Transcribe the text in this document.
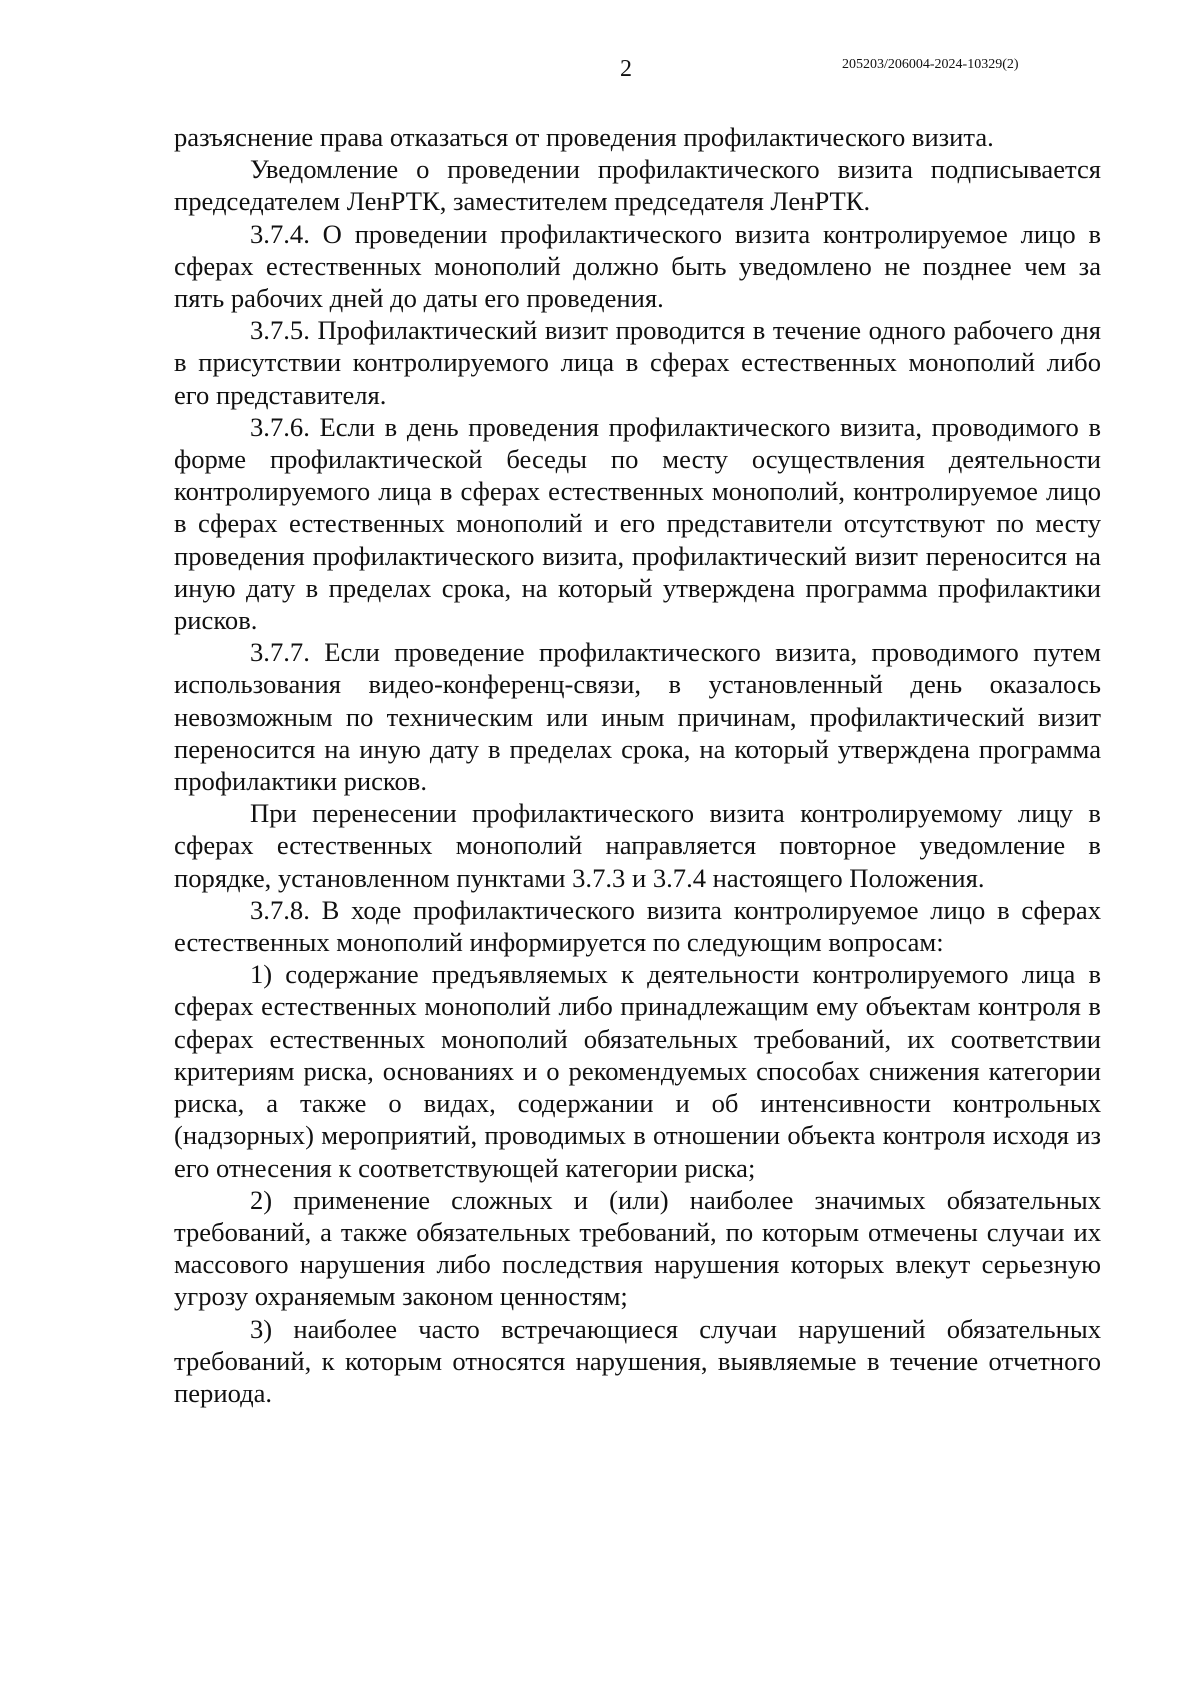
2	205203/206004-2024-10329(2)

разъяснение права отказаться от проведения профилактического визита.

Уведомление о проведении профилактического визита подписывается председателем ЛенРТК, заместителем председателя ЛенРТК.

3.7.4. О проведении профилактического визита контролируемое лицо в сферах естественных монополий должно быть уведомлено не позднее чем за пять рабочих дней до даты его проведения.

3.7.5. Профилактический визит проводится в течение одного рабочего дня в присутствии контролируемого лица в сферах естественных монополий либо его представителя.

3.7.6. Если в день проведения профилактического визита, проводимого в форме профилактической беседы по месту осуществления деятельности контролируемого лица в сферах естественных монополий, контролируемое лицо в сферах естественных монополий и его представители отсутствуют по месту проведения профилактического визита, профилактический визит переносится на иную дату в пределах срока, на который утверждена программа профилактики рисков.

3.7.7. Если проведение профилактического визита, проводимого путем использования видео-конференц-связи, в установленный день оказалось невозможным по техническим или иным причинам, профилактический визит переносится на иную дату в пределах срока, на который утверждена программа профилактики рисков.

При перенесении профилактического визита контролируемому лицу в сферах естественных монополий направляется повторное уведомление в порядке, установленном пунктами 3.7.3 и 3.7.4 настоящего Положения.

3.7.8. В ходе профилактического визита контролируемое лицо в сферах естественных монополий информируется по следующим вопросам:

1) содержание предъявляемых к деятельности контролируемого лица в сферах естественных монополий либо принадлежащим ему объектам контроля в сферах естественных монополий обязательных требований, их соответствии критериям риска, основаниях и о рекомендуемых способах снижения категории риска, а также о видах, содержании и об интенсивности контрольных (надзорных) мероприятий, проводимых в отношении объекта контроля исходя из его отнесения к соответствующей категории риска;

2) применение сложных и (или) наиболее значимых обязательных требований, а также обязательных требований, по которым отмечены случаи их массового нарушения либо последствия нарушения которых влекут серьезную угрозу охраняемым законом ценностям;

3) наиболее часто встречающиеся случаи нарушений обязательных требований, к которым относятся нарушения, выявляемые в течение отчетного периода.
